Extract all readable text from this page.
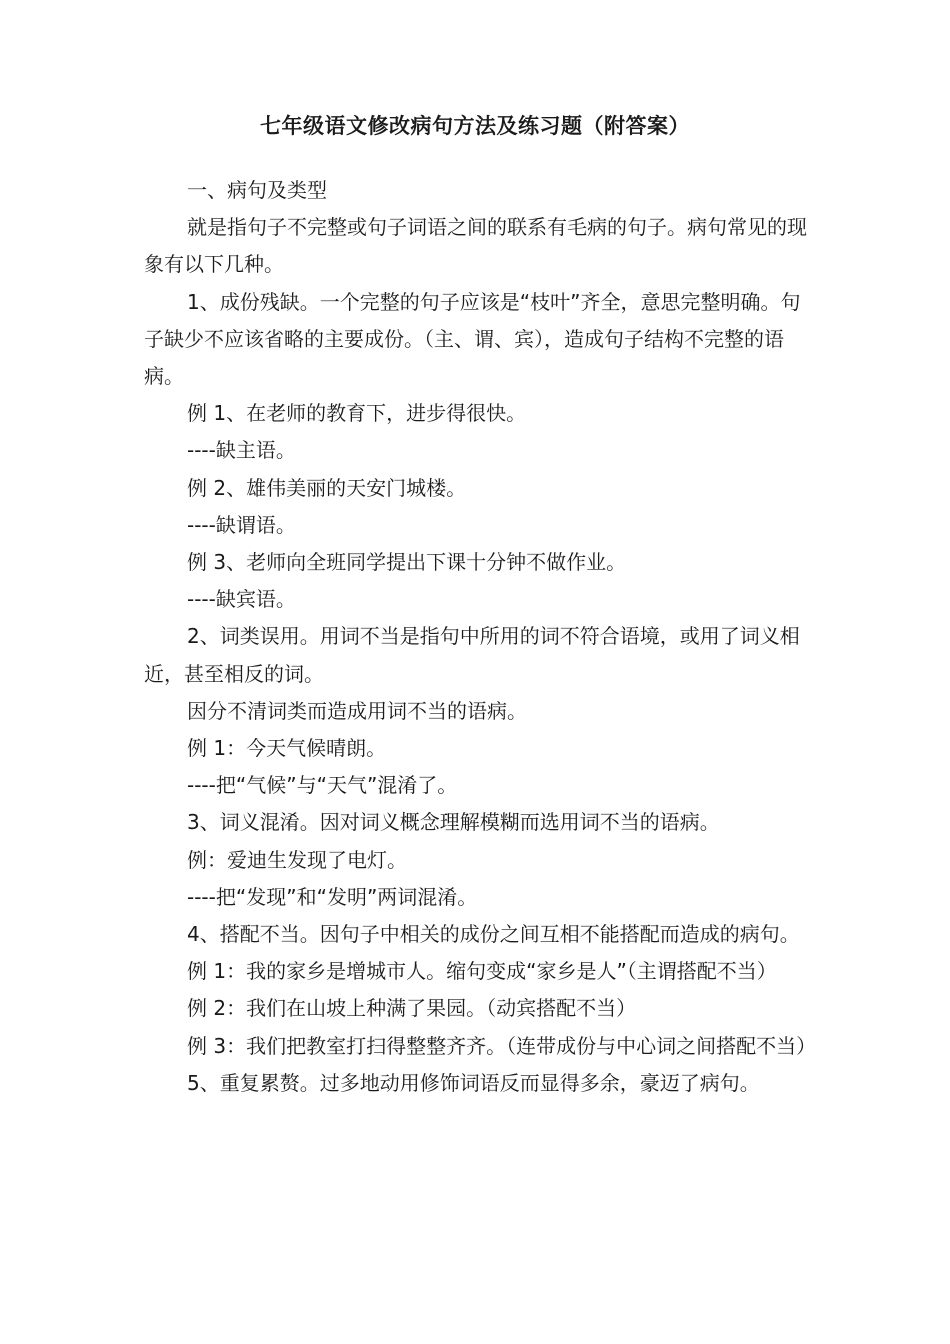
七年级语文修改病句方法及练习题（附答案）

一、病句及类型

就是指句子不完整或句子词语之间的联系有毛病的句子。病句常见的现象有以下几种。

1、成份残缺。一个完整的句子应该是“枝叶”齐全，意思完整明确。句子缺少不应该省略的主要成份。（主、谓、宾），造成句子结构不完整的语病。

例 1、在老师的教育下，进步得很快。

----缺主语。

例 2、雄伟美丽的天安门城楼。

----缺谓语。

例 3、老师向全班同学提出下课十分钟不做作业。

----缺宾语。

2、词类误用。用词不当是指句中所用的词不符合语境，或用了词义相近，甚至相反的词。

因分不清词类而造成用词不当的语病。

例 1：今天气候晴朗。

----把“气候”与“天气”混淆了。

3、词义混淆。因对词义概念理解模糊而选用词不当的语病。

例：爱迪生发现了电灯。

----把“发现”和“发明”两词混淆。

4、搭配不当。因句子中相关的成份之间互相不能搭配而造成的病句。

例 1：我的家乡是增城市人。缩句变成“家乡是人”（主谓搭配不当）

例 2：我们在山坡上种满了果园。（动宾搭配不当）

例 3：我们把教室打扫得整整齐齐。（连带成份与中心词之间搭配不当）

5、重复累赘。过多地动用修饰词语反而显得多余，豪迈了病句。
